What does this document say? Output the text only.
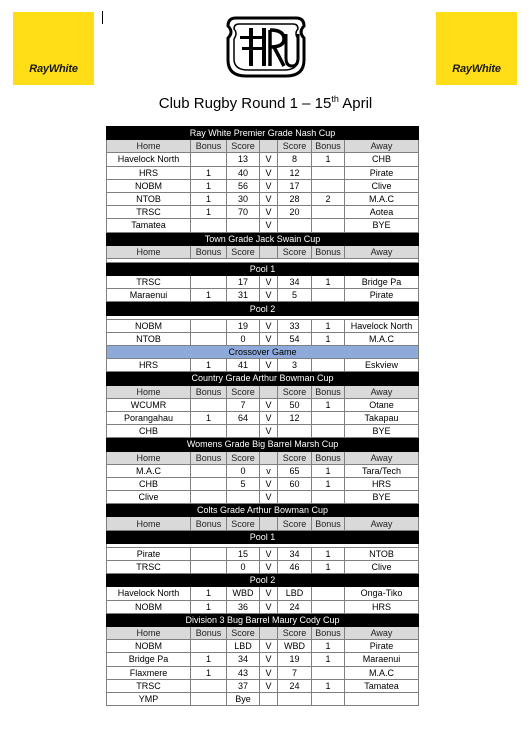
RayWhite	RayWhite
Club Rugby Round 1 – 15th April
Ray White Premier Grade Nash Cup						
Home	Bonus	Score		Score	Bonus	Away
Havelock North		13	V	8	1	CHB
HRS	1	40	V	12		Pirate
NOBM	1	56	V	17		Clive
NTOB	1	30	V	28	2	M.A.C
TRSC	1	70	V	20		Aotea
Tamatea			V			BYE
Town Grade Jack Swain Cup						
Home	Bonus	Score		Score	Bonus	Away

Pool 1						
TRSC		17	V	34	1	Bridge Pa
Maraenui	1	31	V	5		Pirate
Pool 2						

NOBM		19	V	33	1	Havelock North
NTOB		0	V	54	1	M.A.C
Crossover Game						
HRS	1	41	V	3		Eskview
Country Grade Arthur Bowman Cup						
Home	Bonus	Score		Score	Bonus	Away
WCUMR		7	V	50	1	Otane
Porangahau	1	64	V	12		Takapau
CHB			V			BYE
Womens Grade Big Barrel Marsh Cup						
Home	Bonus	Score		Score	Bonus	Away
M.A.C		0	v	65	1	Tara/Tech
CHB		5	V	60	1	HRS
Clive			V			BYE
Colts Grade Arthur Bowman Cup						
Home	Bonus	Score		Score	Bonus	Away
Pool 1						

Pirate		15	V	34	1	NTOB
TRSC		0	V	46	1	Clive
Pool 2						
Havelock North	1	WBD	V	LBD		Onga-Tiko
NOBM	1	36	V	24		HRS
Division 3 Bug Barrel Maury Cody Cup						
Home	Bonus	Score		Score	Bonus	Away
NOBM		LBD	V	WBD	1	Pirate
Bridge Pa	1	34	V	19	1	Maraenui
Flaxmere	1	43	V	7		M.A.C
TRSC		37	V	24	1	Tamatea
YMP		Bye				
